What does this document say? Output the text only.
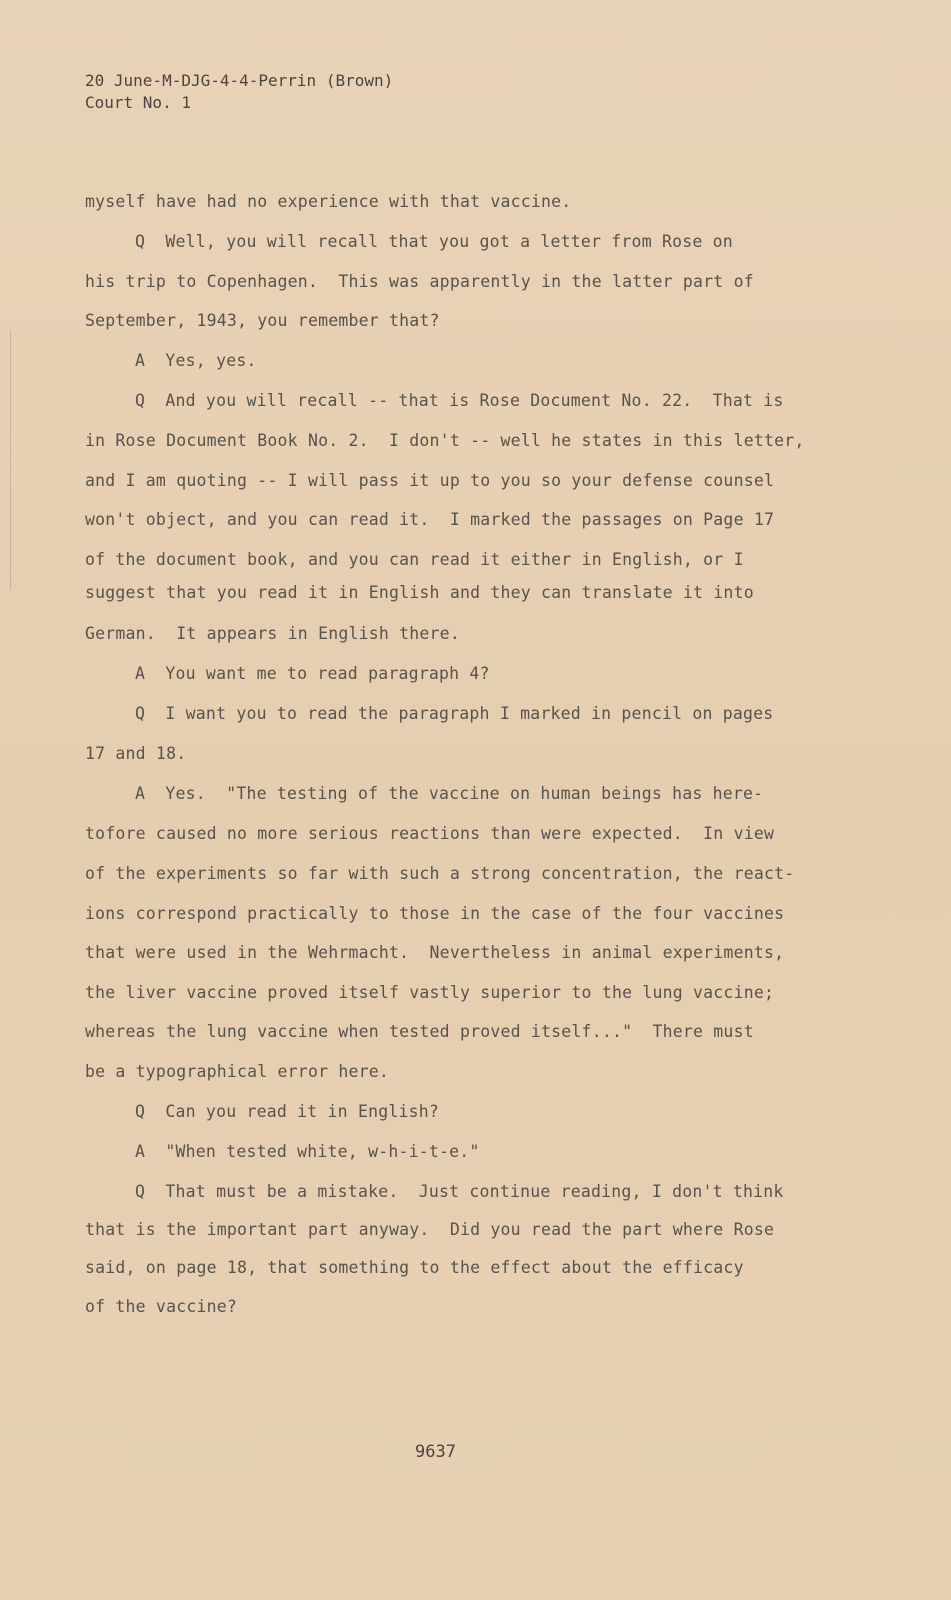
20 June-M-DJG-4-4-Perrin (Brown)
Court No. 1
myself have had no experience with that vaccine.
Q  Well, you will recall that you got a letter from Rose on
his trip to Copenhagen.  This was apparently in the latter part of
September, 1943, you remember that?
A  Yes, yes.
Q  And you will recall -- that is Rose Document No. 22.  That is
in Rose Document Book No. 2.  I don't -- well he states in this letter,
and I am quoting -- I will pass it up to you so your defense counsel
won't object, and you can read it.  I marked the passages on Page 17
of the document book, and you can read it either in English, or I
suggest that you read it in English and they can translate it into
German.  It appears in English there.
A  You want me to read paragraph 4?
Q  I want you to read the paragraph I marked in pencil on pages
17 and 18.
A  Yes.  "The testing of the vaccine on human beings has here-
tofore caused no more serious reactions than were expected.  In view
of the experiments so far with such a strong concentration, the react-
ions correspond practically to those in the case of the four vaccines
that were used in the Wehrmacht.  Nevertheless in animal experiments,
the liver vaccine proved itself vastly superior to the lung vaccine;
whereas the lung vaccine when tested proved itself..."  There must
be a typographical error here.
Q  Can you read it in English?
A  "When tested white, w-h-i-t-e."
Q  That must be a mistake.  Just continue reading, I don't think
that is the important part anyway.  Did you read the part where Rose
said, on page 18, that something to the effect about the efficacy
of the vaccine?
9637
